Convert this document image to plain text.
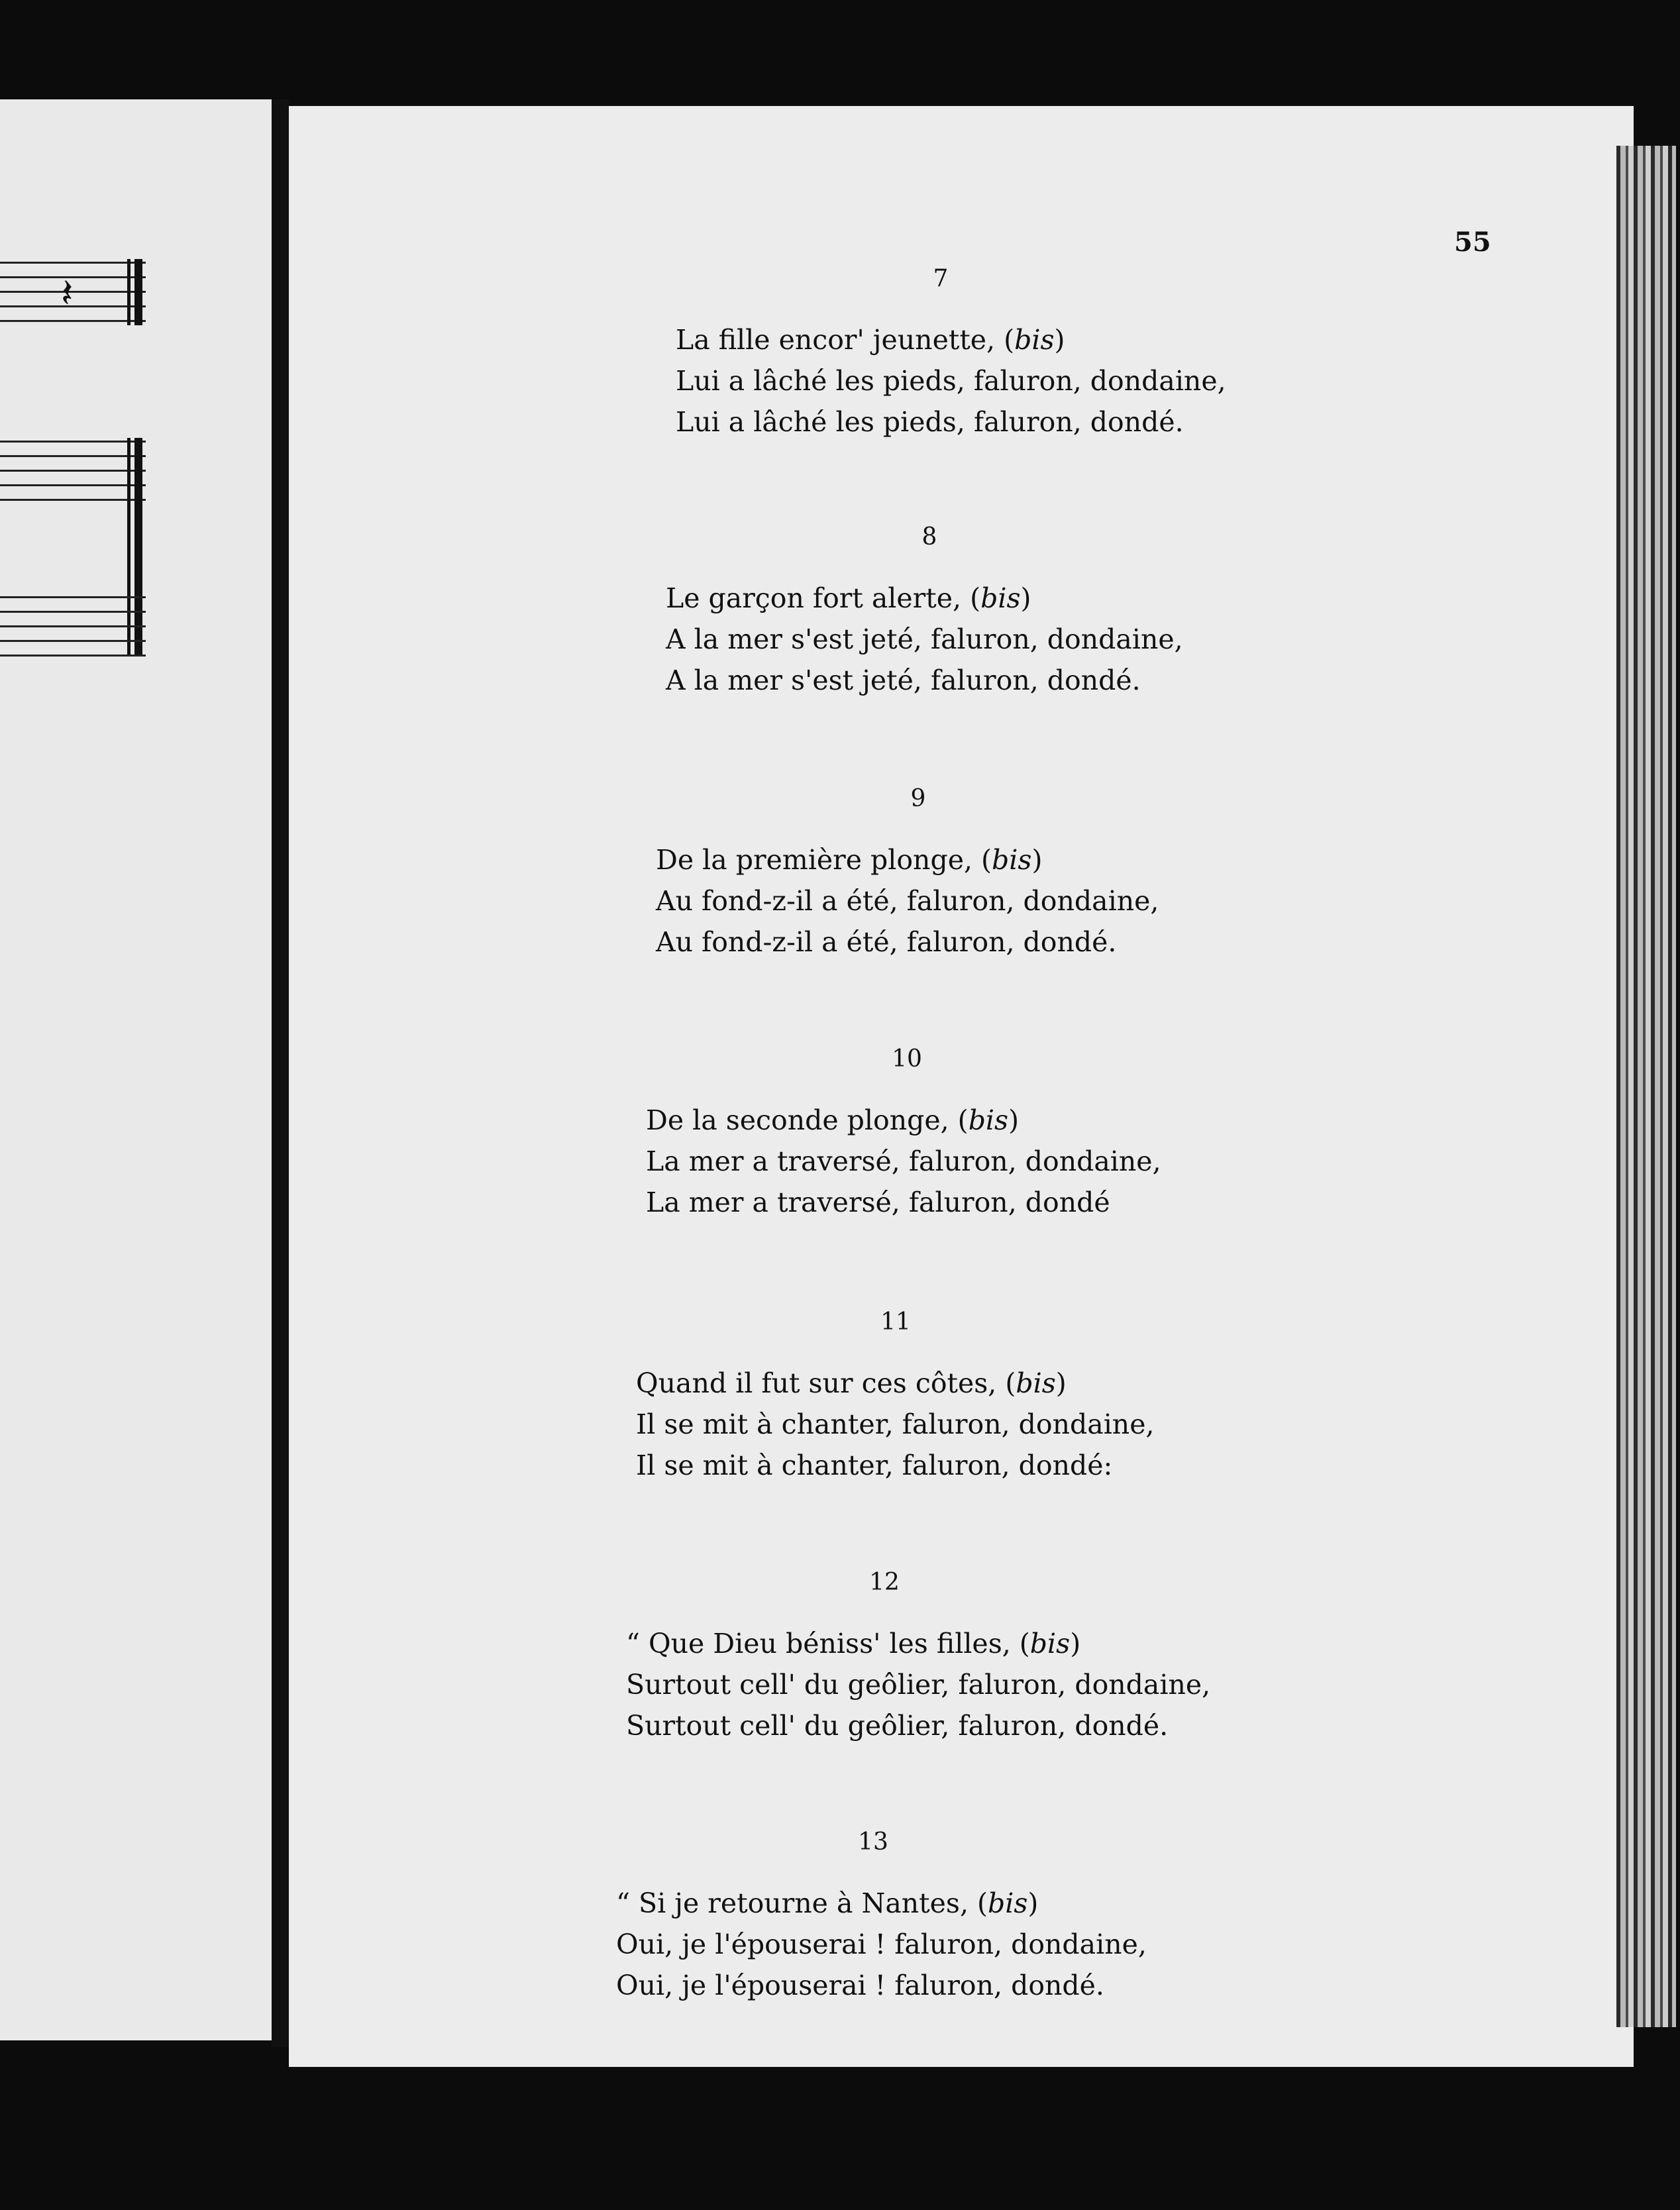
𝄽
55
7
La fille encor' jeunette, (bis)
Lui a lâché les pieds, faluron, dondaine,
Lui a lâché les pieds, faluron, dondé.
8
Le garçon fort alerte, (bis)
A la mer s'est jeté, faluron, dondaine,
A la mer s'est jeté, faluron, dondé.
9
De la première plonge, (bis)
Au fond-z-il a été, faluron, dondaine,
Au fond-z-il a été, faluron, dondé.
10
De la seconde plonge, (bis)
La mer a traversé, faluron, dondaine,
La mer a traversé, faluron, dondé
11
Quand il fut sur ces côtes, (bis)
Il se mit à chanter, faluron, dondaine,
Il se mit à chanter, faluron, dondé:
12
“ Que Dieu béniss' les filles, (bis)
Surtout cell' du geôlier, faluron, dondaine,
Surtout cell' du geôlier, faluron, dondé.
13
“ Si je retourne à Nantes, (bis)
Oui, je l'épouserai ! faluron, dondaine,
Oui, je l'épouserai ! faluron, dondé.
